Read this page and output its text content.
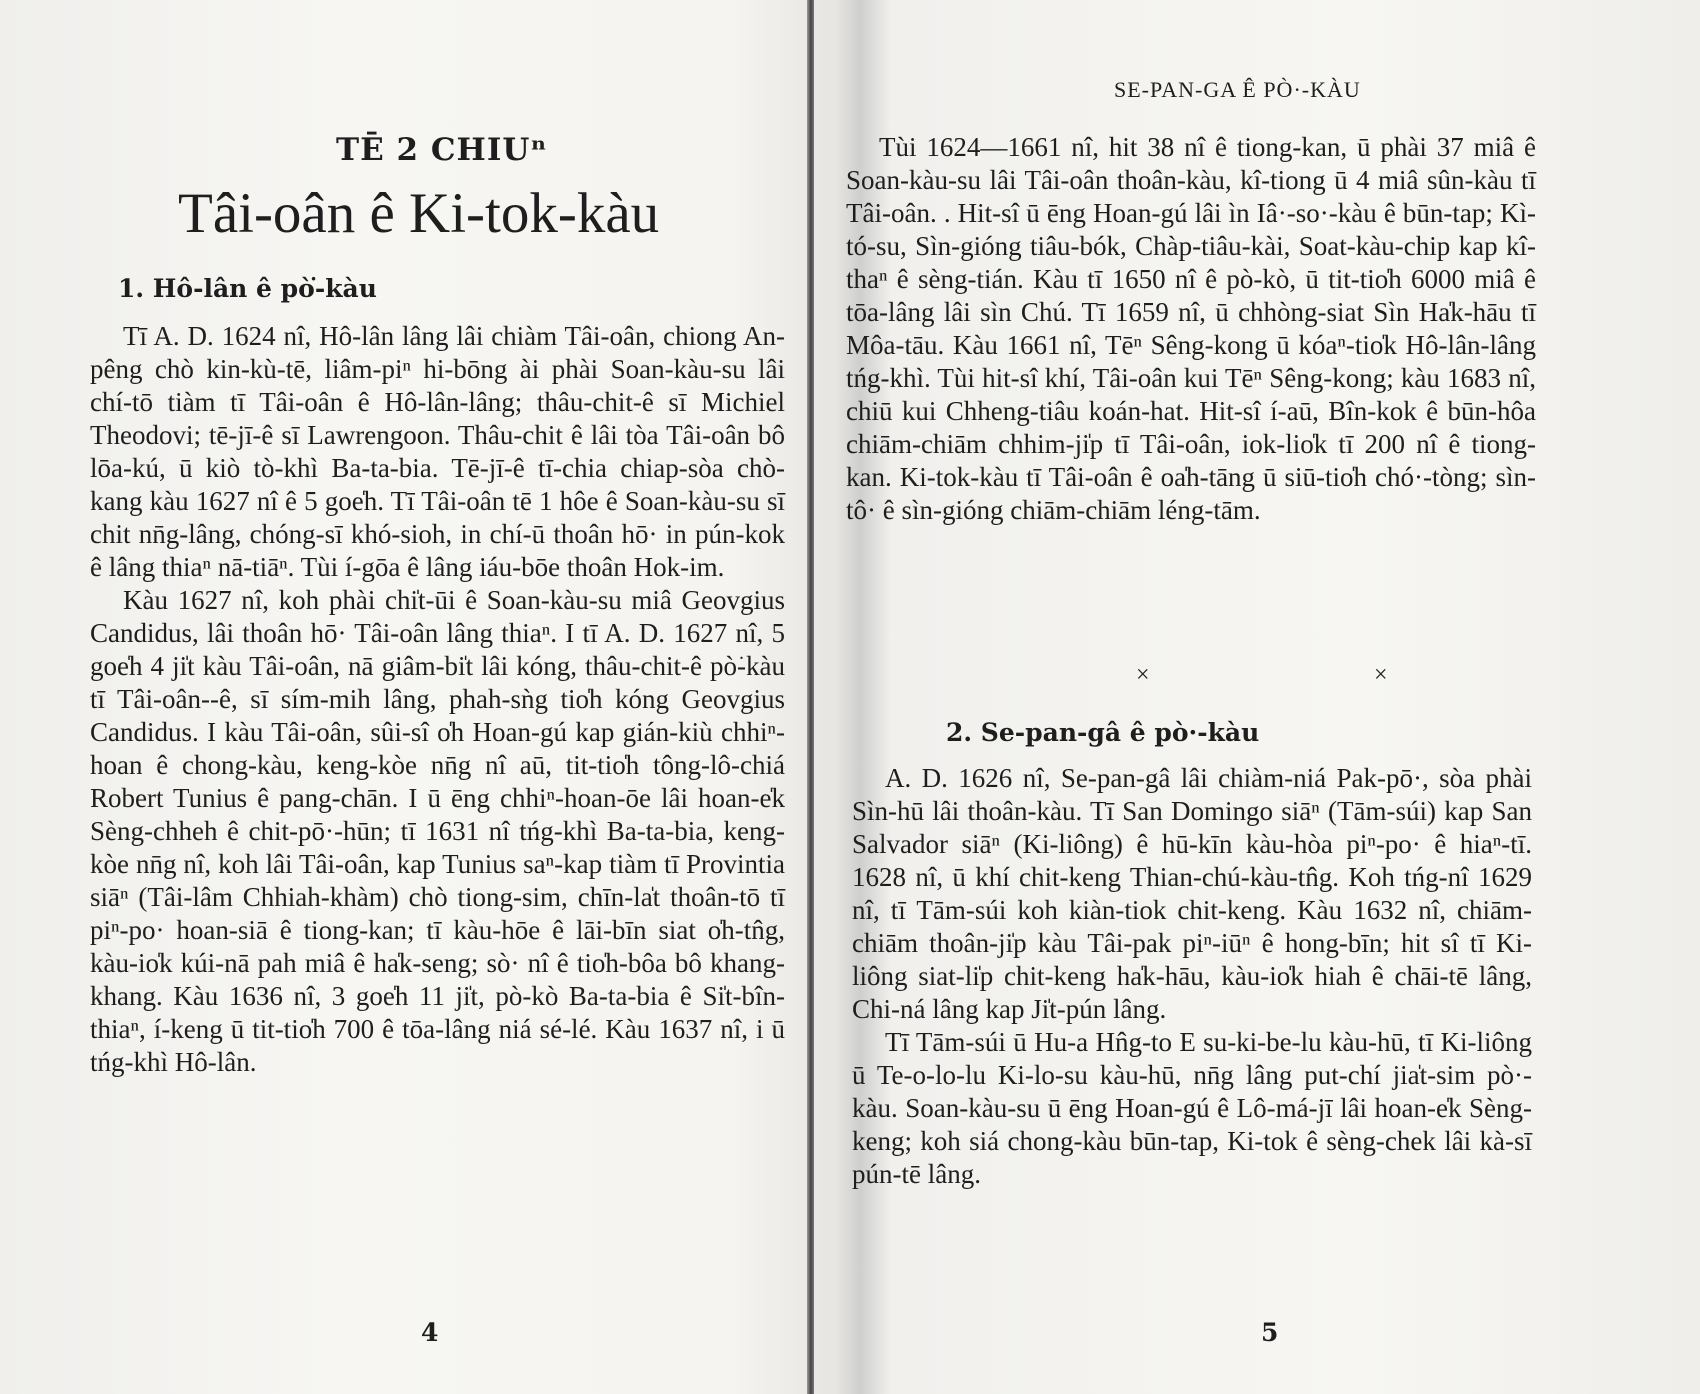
TĒ 2 CHIUⁿ
Tâi-oân ê Ki-tok-kàu
1. Hô-lân ê pò͘-kàu

Tī A. D. 1624 nî, Hô-lân lâng lâi chiàm Tâi-oân, chiong An-pêng chò kin-kù-tē, liâm-piⁿ hi-bōng ài phài Soan-kàu-su lâi chí-tō tiàm tī Tâi-oân ê Hô-lân-lâng; thâu-chit-ê sī Michiel Theodovi; tē-jī-ê sī Lawrengoon. Thâu-chit ê lâi tòa Tâi-oân bô lōa-kú, ū kiò tò-khì Ba-ta-bia. Tē-jī-ê tī-chia chiap-sòa chò-kang kàu 1627 nî ê 5 goe̍h. Tī Tâi-oân tē 1 hôe ê Soan-kàu-su sī chit nn̄g-lâng, chóng-sī khó-sioh, in chí-ū thoân hō· in pún-kok ê lâng thiaⁿ nā-tiāⁿ. Tùi í-gōa ê lâng iáu-bōe thoân Hok-im.

Kàu 1627 nî, koh phài chi̍t-ūi ê Soan-kàu-su miâ Geovgius Candidus, lâi thoân hō· Tâi-oân lâng thiaⁿ. I tī A. D. 1627 nî, 5 goe̍h 4 ji̍t kàu Tâi-oân, nā giâm-bi̍t lâi kóng, thâu-chit-ê pò͘-kàu tī Tâi-oân--ê, sī sím-mih lâng, phah-sǹg tio̍h kóng Geovgius Candidus. I kàu Tâi-oân, sûi-sî o̍h Hoan-gú kap gián-kiù chhiⁿ-hoan ê chong-kàu, keng-kòe nn̄g nî aū, tit-tio̍h tông-lô-chiá Robert Tunius ê pang-chān. I ū ēng chhiⁿ-hoan-ōe lâi hoan-e̍k Sèng-chheh ê chit-pō·-hūn; tī 1631 nî tńg-khì Ba-ta-bia, keng-kòe nn̄g nî, koh lâi Tâi-oân, kap Tunius saⁿ-kap tiàm tī Provintia siāⁿ (Tâi-lâm Chhiah-khàm) chò tiong-sim, chīn-la̍t thoân-tō tī piⁿ-po· hoan-siā ê tiong-kan; tī kàu-hōe ê lāi-bīn siat o̍h-tn̂g, kàu-io̍k kúi-nā pah miâ ê ha̍k-seng; sò· nî ê tio̍h-bôa bô khang-khang. Kàu 1636 nî, 3 goe̍h 11 ji̍t, pò-kò Ba-ta-bia ê Si̍t-bîn-thiaⁿ, í-keng ū tit-tio̍h 700 ê tōa-lâng niá sé-lé. Kàu 1637 nî, i ū tńg-khì Hô-lân.

4
SE-PAN-GA Ê PÒ·-KÀU

Tùi 1624—1661 nî, hit 38 nî ê tiong-kan, ū phài 37 miâ ê Soan-kàu-su lâi Tâi-oân thoân-kàu, kî-tiong ū 4 miâ sûn-kàu tī Tâi-oân. . Hit-sî ū ēng Hoan-gú lâi ìn Iâ·-so·-kàu ê būn-tap; Kì-tó-su, Sìn-gióng tiâu-bók, Chàp-tiâu-kài, Soat-kàu-chip kap kî-thaⁿ ê sèng-tián. Kàu tī 1650 nî ê pò-kò, ū tit-tio̍h 6000 miâ ê tōa-lâng lâi sìn Chú. Tī 1659 nî, ū chhòng-siat Sìn Ha̍k-hāu tī Môa-tāu. Kàu 1661 nî, Tēⁿ Sêng-kong ū kóaⁿ-tio̍k Hô-lân-lâng tńg-khì. Tùi hit-sî khí, Tâi-oân kui Tēⁿ Sêng-kong; kàu 1683 nî, chiū kui Chheng-tiâu koán-hat. Hit-sî í-aū, Bîn-kok ê būn-hôa chiām-chiām chhim-ji̍p tī Tâi-oân, iok-lio̍k tī 200 nî ê tiong-kan. Ki-tok-kàu tī Tâi-oân ê oa̍h-tāng ū siū-tio̍h chó·-tòng; sìn-tô· ê sìn-gióng chiām-chiām léng-tām.

×	×
2. Se-pan-gâ ê pò·-kàu

A. D. 1626 nî, Se-pan-gâ lâi chiàm-niá Pak-pō·, sòa phài Sìn-hū lâi thoân-kàu. Tī San Domingo siāⁿ (Tām-súi) kap San Salvador siāⁿ (Ki-liông) ê hū-kīn kàu-hòa piⁿ-po· ê hiaⁿ-tī. 1628 nî, ū khí chit-keng Thian-chú-kàu-tn̂g. Koh tńg-nî 1629 nî, tī Tām-súi koh kiàn-tiok chit-keng. Kàu 1632 nî, chiām-chiām thoân-ji̍p kàu Tâi-pak piⁿ-iūⁿ ê hong-bīn; hit sî tī Ki-liông siat-li̍p chit-keng ha̍k-hāu, kàu-io̍k hiah ê chāi-tē lâng, Chi-ná lâng kap Ji̍t-pún lâng.

Tī Tām-súi ū Hu-a Hn̂g-to E su-ki-be-lu kàu-hū, tī Ki-liông ū Te-o-lo-lu Ki-lo-su kàu-hū, nn̄g lâng put-chí jia̍t-sim pò·-kàu. Soan-kàu-su ū ēng Hoan-gú ê Lô-má-jī lâi hoan-e̍k Sèng-keng; koh siá chong-kàu būn-tap, Ki-tok ê sèng-chek lâi kà-sī pún-tē lâng.

5
